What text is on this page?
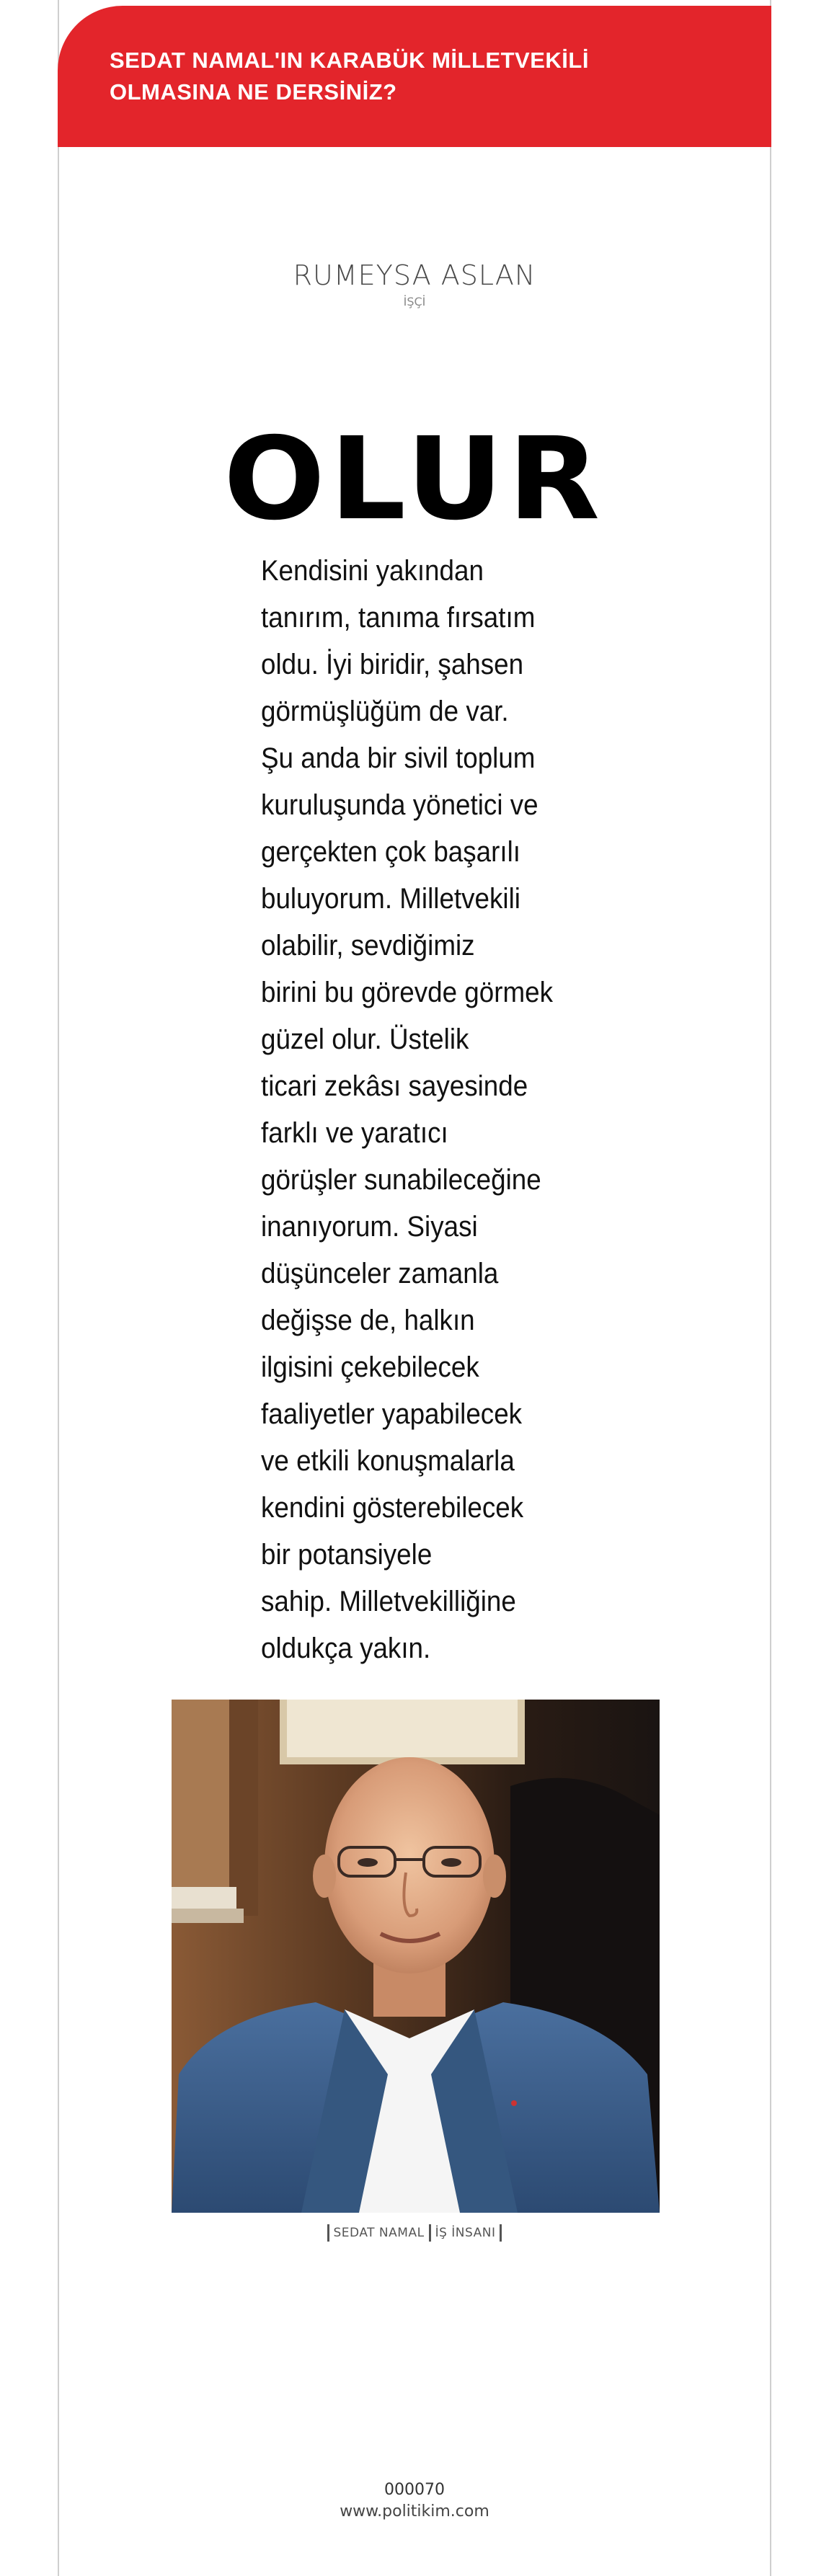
SEDAT NAMAL'IN KARABÜK MİLLETVEKİLİ OLMASINA NE DERSİNİZ?
RUMEYSA ASLAN
İŞÇİ
OLUR

Kendisini yakından
tanırım, tanıma fırsatım
oldu. İyi biridir, şahsen
görmüşlüğüm de var.
Şu anda bir sivil toplum
kuruluşunda yönetici ve
gerçekten çok başarılı
buluyorum. Milletvekili
olabilir, sevdiğimiz
birini bu görevde görmek
güzel olur. Üstelik
ticari zekâsı sayesinde
farklı ve yaratıcı
görüşler sunabileceğine
inanıyorum. Siyasi
düşünceler zamanla
değişse de, halkın
ilgisini çekebilecek
faaliyetler yapabilecek
ve etkili konuşmalarla
kendini gösterebilecek
bir potansiyele
sahip. Milletvekilliğine
oldukça yakın.

SEDAT NAMAL İŞ İNSANI
000070
www.politikim.com
